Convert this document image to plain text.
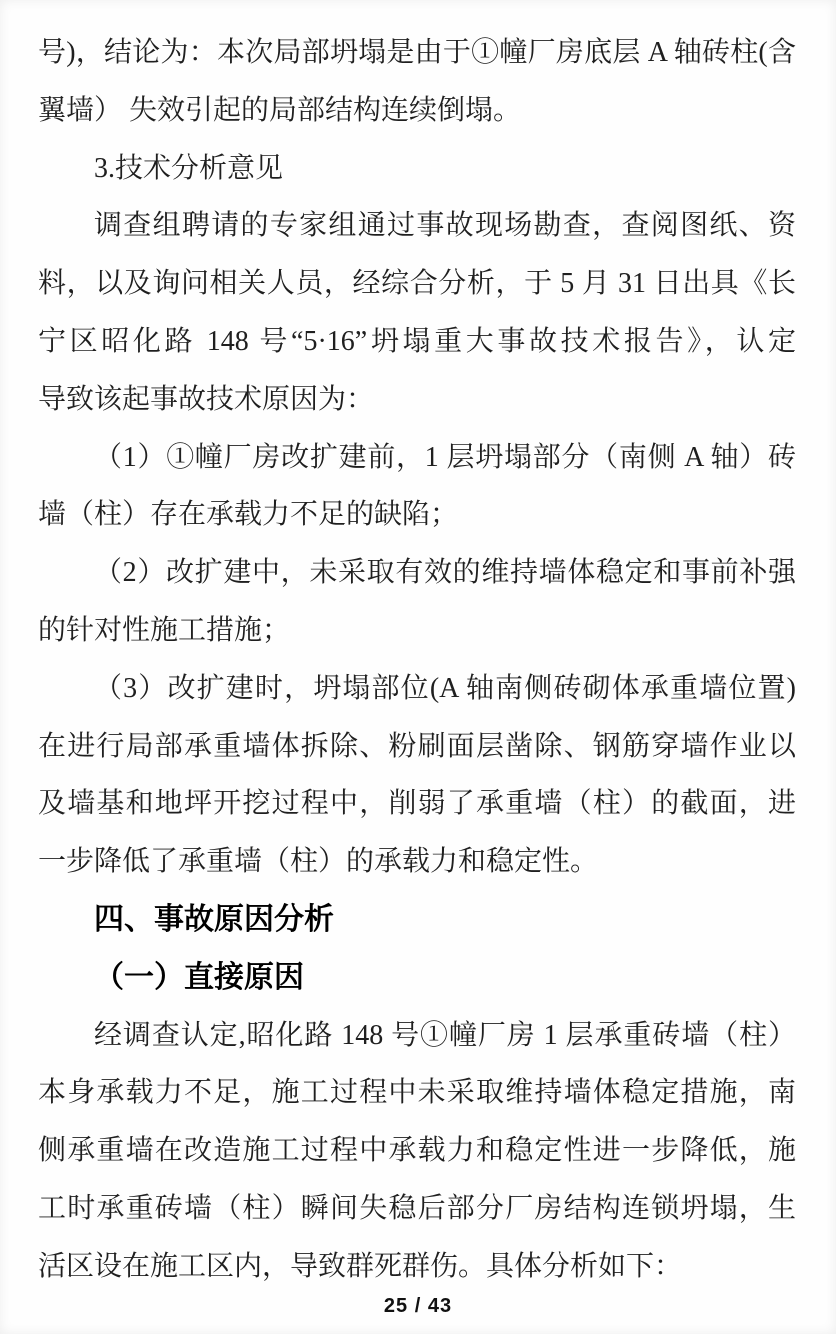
号)，结论为：本次局部坍塌是由于①幢厂房底层 A 轴砖柱(含
翼墙） 失效引起的局部结构连续倒塌。
3.技术分析意见
调查组聘请的专家组通过事故现场勘查，查阅图纸、资
料，以及询问相关人员，经综合分析，于 5 月 31 日出具《长
宁区昭化路 148 号“5·16”坍塌重大事故技术报告》，认定
导致该起事故技术原因为：
（1）①幢厂房改扩建前，1 层坍塌部分（南侧 A 轴）砖
墙（柱）存在承载力不足的缺陷；
（2）改扩建中，未采取有效的维持墙体稳定和事前补强
的针对性施工措施；
（3）改扩建时，坍塌部位(A 轴南侧砖砌体承重墙位置)
在进行局部承重墙体拆除、粉刷面层凿除、钢筋穿墙作业以
及墙基和地坪开挖过程中，削弱了承重墙（柱）的截面，进
一步降低了承重墙（柱）的承载力和稳定性。
四、事故原因分析
（一）直接原因
经调查认定,昭化路 148 号①幢厂房 1 层承重砖墙（柱）
本身承载力不足，施工过程中未采取维持墙体稳定措施，南
侧承重墙在改造施工过程中承载力和稳定性进一步降低，施
工时承重砖墙（柱）瞬间失稳后部分厂房结构连锁坍塌，生
活区设在施工区内，导致群死群伤。具体分析如下：
25 / 43
